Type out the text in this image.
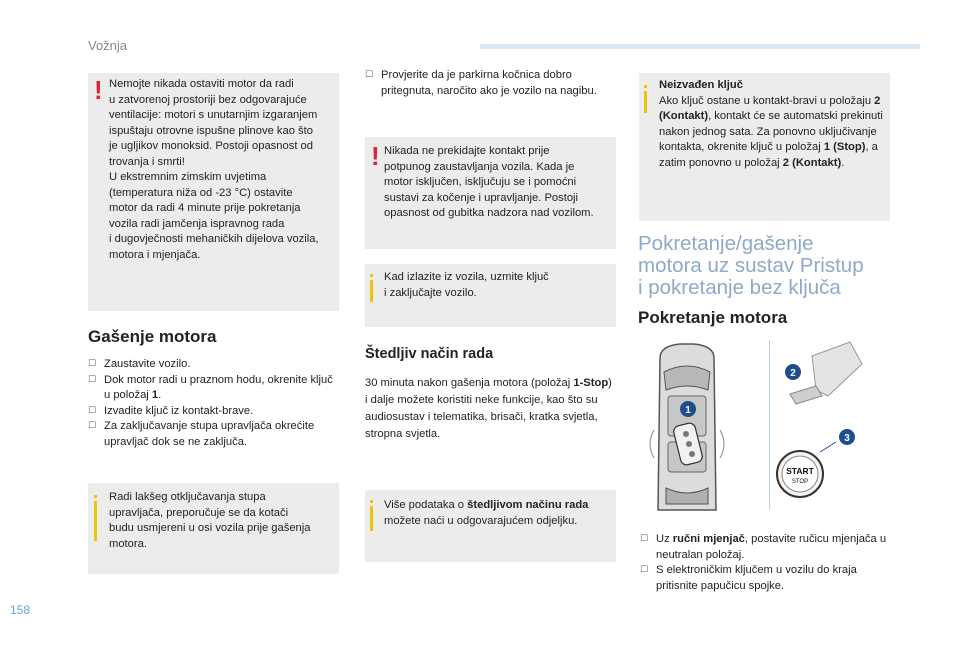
Vožnja
! Nemojte nikada ostaviti motor da radi

u zatvorenoj prostoriji bez odgovarajuće

ventilacije: motori s unutarnjim izgaranjem

ispuštaju otrovne ispušne plinove kao što

je ugljikov monoksid. Postoji opasnost od

trovanja i smrti!

U ekstremnim zimskim uvjetima

(temperatura niža od -23 °C) ostavite

motor da radi 4 minute prije pokretanja

vozila radi jamčenja ispravnog rada

i dugovječnosti mehaničkih dijelova vozila,

motora i mjenjača.

Gašenje motora
☐ Zaustavite vozilo.
☐ Dok motor radi u praznom hodu, okrenite ključ u položaj 1.
☐ Izvadite ključ iz kontakt-brave.
☐ Za zaključavanje stupa upravljača okrećite upravljač dok se ne zaključa.

Radi lakšeg otključavanja stupa

upravljača, preporučuje se da kotači

budu usmjereni u osi vozila prije gašenja

motora.

☐ Provjerite da je parkirna kočnica dobro pritegnuta, naročito ako je vozilo na nagibu.
! Nikada ne prekidajte kontakt prije

potpunog zaustavljanja vozila. Kada je

motor isključen, isključuju se i pomoćni

sustavi za kočenje i upravljanje. Postoji

opasnost od gubitka nadzora nad vozilom.

Kad izlazite iz vozila, uzmite ključ

i zaključajte vozilo.

Štedljiv način rada
30 minuta nakon gašenja motora (položaj 1-Stop) i dalje možete koristiti neke funkcije, kao što su audiosustav i telematika, brisači, kratka svjetla, stropna svjetla.
Više podataka o štedljivom načinu rada možete naći u odgovarajućem odjeljku.

Neizvađen ključ

Ako ključ ostane u kontakt-bravi u položaju 2 (Kontakt), kontakt će se automatski prekinuti nakon jednog sata. Za ponovno uključivanje kontakta, okrenite ključ u položaj 1 (Stop), a zatim ponovno u položaj 2 (Kontakt).

Pokretanje/gašenje
motora uz sustav Pristup
i pokretanje bez ključa
Pokretanje motora
START
STOP
1
2
3
☐ Uz ručni mjenjač, postavite ručicu mjenjača u neutralan položaj.
☐ S elektroničkim ključem u vozilu do kraja pritisnite papučicu spojke.
158
